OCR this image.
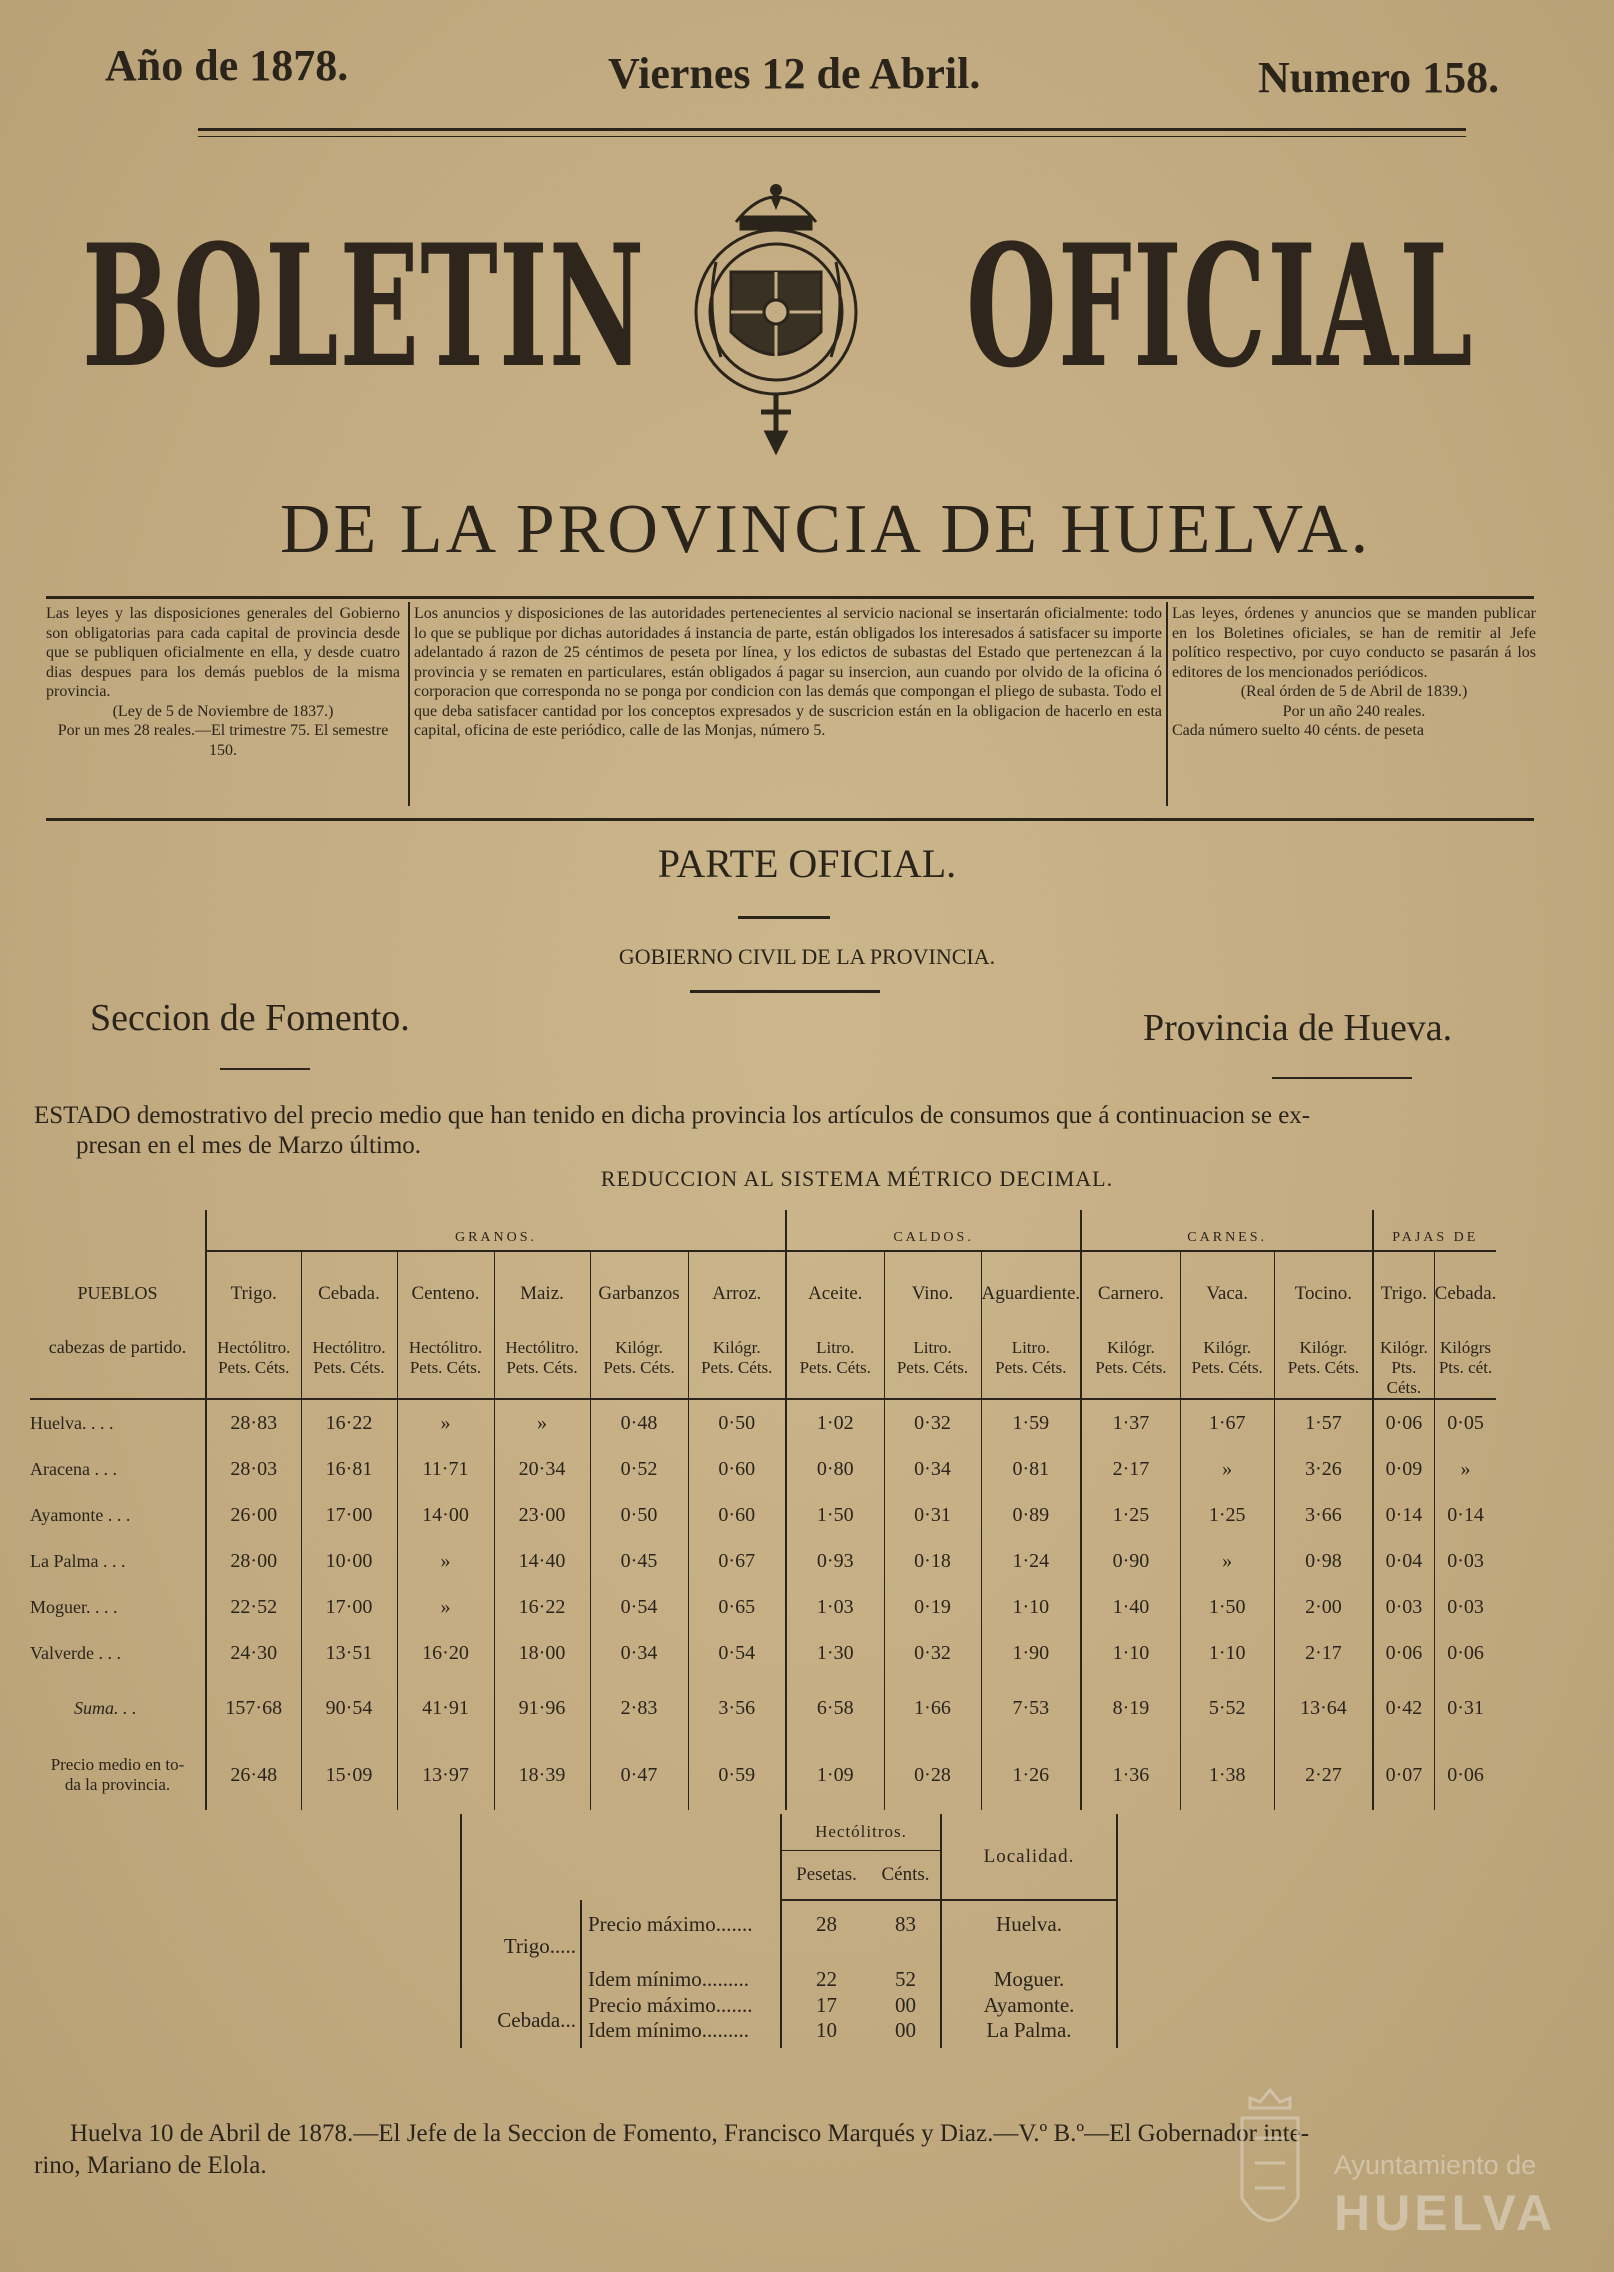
Año de 1878.	Viernes 12 de Abril.	Numero 158.
BOLETIN OFICIAL
DE LA PROVINCIA DE HUELVA.

Las leyes y las disposiciones generales del Gobierno son obligatorias para cada capital de provincia desde que se publiquen oficialmente en ella, y desde cuatro dias despues para los demás pueblos de la misma provincia.

(Ley de 5 de Noviembre de 1837.)

Por un mes 28 reales.—El trimestre 75. El semestre 150.

Los anuncios y disposiciones de las autoridades pertenecientes al servicio nacional se insertarán oficialmente: todo lo que se publique por dichas autoridades á instancia de parte, están obligados los interesados á satisfacer su importe adelantado á razon de 25 céntimos de peseta por línea, y los edictos de subastas del Estado que pertenezcan á la provincia y se rematen en particulares, están obligados á pagar su insercion, aun cuando por olvido de la oficina ó corporacion que corresponda no se ponga por condicion con las demás que compongan el pliego de subasta. Todo el que deba satisfacer cantidad por los conceptos expresados y de suscricion están en la obligacion de hacerlo en esta capital, oficina de este periódico, calle de las Monjas, número 5.

Las leyes, órdenes y anuncios que se manden publicar en los Boletines oficiales, se han de remitir al Jefe político respectivo, por cuyo conducto se pasarán á los editores de los mencionados periódicos.

(Real órden de 5 de Abril de 1839.)

Por un año 240 reales.

Cada número suelto 40 cénts. de peseta

PARTE OFICIAL.
GOBIERNO CIVIL DE LA PROVINCIA.
Seccion de Fomento.	Provincia de Hueva.
ESTADO demostrativo del precio medio que han tenido en dicha provincia los artículos de consumos que á continuacion se ex-
presan en el mes de Marzo último.
REDUCCION AL SISTEMA MÉTRICO DECIMAL.
	GRANOS.						CALDOS.			CARNES.			PAJAS DE	
PUEBLOS	Trigo.	Cebada.	Centeno.	Maiz.	Garbanzos	Arroz.	Aceite.	Vino.	Aguardiente.	Carnero.	Vaca.	Tocino.	Trigo.	Cebada.
cabezas de partido.	Hectólitro.	Hectólitro.	Hectólitro.	Hectólitro.	Kilógr.	Kilógr.	Litro.	Litro.	Litro.	Kilógr.	Kilógr.	Kilógr.	Kilógr.	Kilógrs
	Pets. Céts.	Pets. Céts.	Pets. Céts.	Pets. Céts.	Pets. Céts.	Pets. Céts.	Pets. Céts.	Pets. Céts.	Pets. Céts.	Pets. Céts.	Pets. Céts.	Pets. Céts.	Pts. Céts.	Pts. cét.
Huelva. . . .	28·83	16·22	»	»	0·48	0·50	1·02	0·32	1·59	1·37	1·67	1·57	0·06	0·05
Aracena . . .	28·03	16·81	11·71	20·34	0·52	0·60	0·80	0·34	0·81	2·17	»	3·26	0·09	»
Ayamonte . . .	26·00	17·00	14·00	23·00	0·50	0·60	1·50	0·31	0·89	1·25	1·25	3·66	0·14	0·14
La Palma . . .	28·00	10·00	»	14·40	0·45	0·67	0·93	0·18	1·24	0·90	»	0·98	0·04	0·03
Moguer. . . .	22·52	17·00	»	16·22	0·54	0·65	1·03	0·19	1·10	1·40	1·50	2·00	0·03	0·03
Valverde . . .	24·30	13·51	16·20	18·00	0·34	0·54	1·30	0·32	1·90	1·10	1·10	2·17	0·06	0·06
Suma. . .	157·68	90·54	41·91	91·96	2·83	3·56	6·58	1·66	7·53	8·19	5·52	13·64	0·42	0·31

Precio medio en to-
da la provincia.	26·48	15·09	13·97	18·39	0·47	0·59	1·09	0·28	1·26	1·36	1·38	2·27	0·07	0·06
		Hectólitros.		Localidad.
		Pesetas.	Cénts.	
Trigo.....	Precio máximo.......	28	83	Huelva.
	Idem mínimo.........	22	52	Moguer.
Cebada...	Precio máximo.......	17	00	Ayamonte.
	Idem mínimo.........	10	00	La Palma.
Huelva 10 de Abril de 1878.—El Jefe de la Seccion de Fomento, Francisco Marqués y Diaz.—V.º B.º—El Gobernador inte-
rino, Mariano de Elola.	Ayuntamiento de
HUELVA
